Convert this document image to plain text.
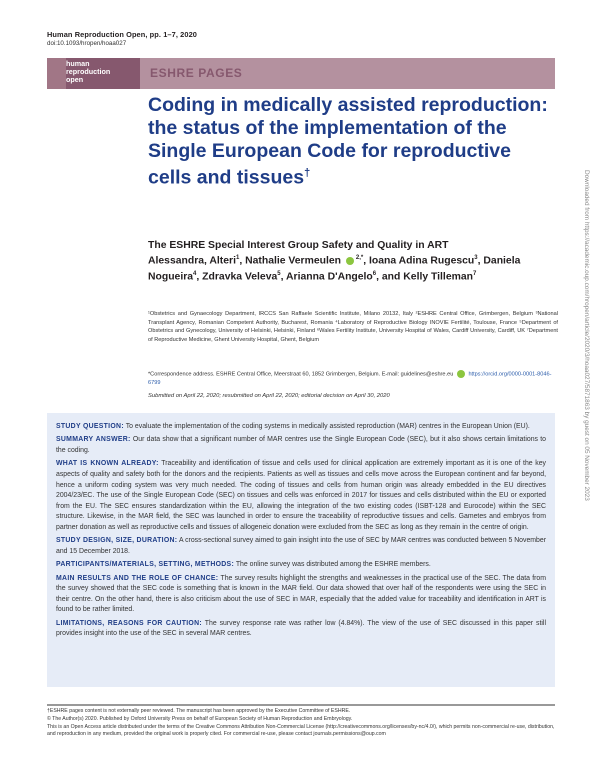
Human Reproduction Open, pp. 1–7, 2020
doi:10.1093/hropen/hoaa027
human
reproduction
open	ESHRE PAGES
Coding in medically assisted reproduction: the status of the implementation of the Single European Code for reproductive cells and tissues†
The ESHRE Special Interest Group Safety and Quality in ART
Alessandra, Alteri$^1$, Nathalie Vermeulen $^{2,*}$, Ioana Adina Rugescu$^3$, Daniela Nogueira$^4$, Zdravka Veleva$^5$, Arianna D'Angelo$^6$, and Kelly Tilleman$^7$
¹Obstetrics and Gynaecology Department, IRCCS San Raffaele Scientific Institute, Milano 20132, Italy ²ESHRE Central Office, Grimbergen, Belgium ³National Transplant Agency, Romanian Competent Authority, Bucharest, Romania ⁴Laboratory of Reproductive Biology INOVIE Fertilité, Toulouse, France ⁵Department of Obstetrics and Gynecology, University of Helsinki, Helsinki, Finland ⁶Wales Fertility Institute, University Hospital of Wales, Cardiff University, Cardiff, UK ⁷Department of Reproductive Medicine, Ghent University Hospital, Ghent, Belgium
*Correspondence address. ESHRE Central Office, Meerstraat 60, 1852 Grimbergen, Belgium. E-mail: guidelines@eshre.eu	https://orcid.org/0000-0001-8046-6799
Submitted on April 22, 2020; resubmitted on April 22, 2020; editorial decision on April 30, 2020

STUDY QUESTION: To evaluate the implementation of the coding systems in medically assisted reproduction (MAR) centres in the European Union (EU).

SUMMARY ANSWER: Our data show that a significant number of MAR centres use the Single European Code (SEC), but it also shows certain limitations to the coding.

WHAT IS KNOWN ALREADY: Traceability and identification of tissue and cells used for clinical application are extremely important as it is one of the key aspects of quality and safety both for the donors and the recipients. Patients as well as tissues and cells move across the European continent and far beyond, hence a uniform coding system was very much needed. The coding of tissues and cells from human origin was already embedded in the EU directives 2004/23/EC. The use of the Single European Code (SEC) on tissues and cells was enforced in 2017 for tissues and cells distributed within the EU or exported from the EU. The SEC ensures standardization within the EU, allowing the integration of the two existing codes (ISBT-128 and Eurocode) within the SEC structure. Likewise, in the MAR field, the SEC was launched in order to ensure the traceability of reproductive tissues and cells. Gametes and embryos from partner donation as well as reproductive cells and tissues of allogeneic donation were excluded from the SEC as long as they remain in the centre of origin.

STUDY DESIGN, SIZE, DURATION: A cross-sectional survey aimed to gain insight into the use of SEC by MAR centres was conducted between 5 November and 15 December 2018.

PARTICIPANTS/MATERIALS, SETTING, METHODS: The online survey was distributed among the ESHRE members.

MAIN RESULTS AND THE ROLE OF CHANCE: The survey results highlight the strengths and weaknesses in the practical use of the SEC. The data from the survey showed that the SEC code is something that is known in the MAR field. Our data showed that over half of the respondents were using the SEC in their centre. On the other hand, there is also criticism about the use of SEC in MAR, especially that the added value for traceability and identification in ART is found to be rather limited.

LIMITATIONS, REASONS FOR CAUTION: The survey response rate was rather low (4.84%). The view of the use of SEC discussed in this paper still provides insight into the use of the SEC in several MAR centres.

†ESHRE pages content is not externally peer reviewed. The manuscript has been approved by the Executive Committee of ESHRE.

© The Author(s) 2020. Published by Oxford University Press on behalf of European Society of Human Reproduction and Embryology.

This is an Open Access article distributed under the terms of the Creative Commons Attribution Non-Commercial License (http://creativecommons.org/licenses/by-nc/4.0/), which permits non-commercial re-use, distribution, and reproduction in any medium, provided the original work is properly cited. For commercial re-use, please contact journals.permissions@oup.com

Downloaded from https://academic.oup.com/hropen/article/2020/3/hoaa027/5871863 by guest on 05 November 2023
